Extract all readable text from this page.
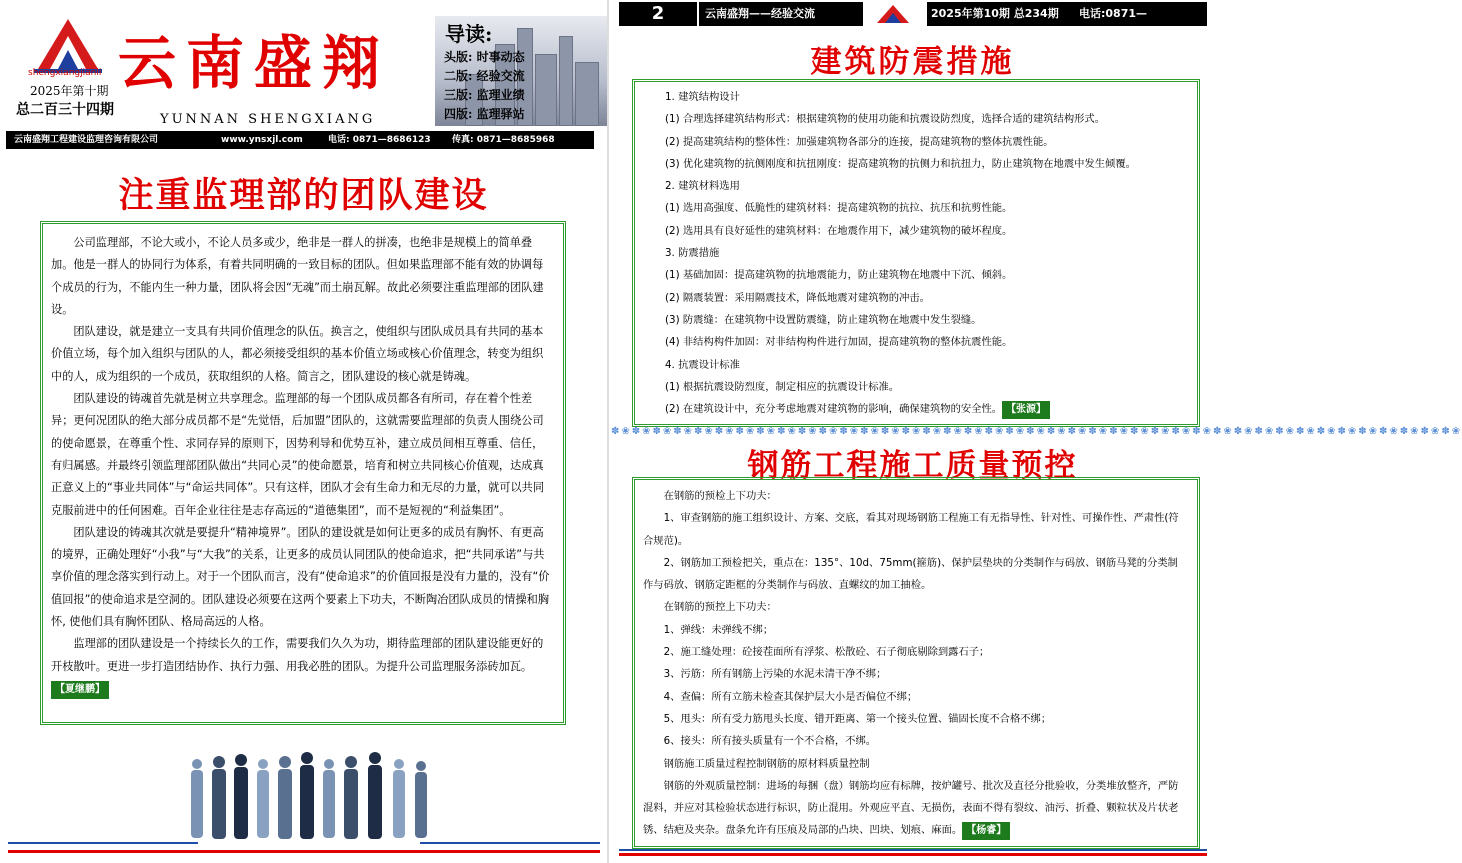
shengxiangjianli
2025年第十期
总二百三十四期
云南盛翔
YUNNAN SHENGXIANG
导读:
头版: 时事动态
二版: 经验交流
三版: 监理业绩
四版: 监理驿站
云南盛翔工程建设监理咨询有限公司	www.ynsxjl.com	电话: 0871—8686123 传真: 0871—8685968
注重监理部的团队建设

公司监理部，不论大或小，不论人员多或少，绝非是一群人的拼凑，也绝非是规模上的简单叠加。他是一群人的协同行为体系，有着共同明确的一致目标的团队。但如果监理部不能有效的协调每个成员的行为，不能内生一种力量，团队将会因“无魂”而土崩瓦解。故此必须要注重监理部的团队建设。

团队建设，就是建立一支具有共同价值理念的队伍。换言之，使组织与团队成员具有共同的基本价值立场，每个加入组织与团队的人，都必须接受组织的基本价值立场或核心价值理念，转变为组织中的人，成为组织的一个成员，获取组织的人格。简言之，团队建设的核心就是铸魂。

团队建设的铸魂首先就是树立共享理念。监理部的每一个团队成员都各有所司，存在着个性差异；更何况团队的绝大部分成员都不是“先觉悟，后加盟”团队的，这就需要监理部的负责人围绕公司的使命愿景，在尊重个性、求同存异的原则下，因势利导和优势互补，建立成员间相互尊重、信任，有归属感。并最终引领监理部团队做出“共同心灵”的使命愿景，培育和树立共同核心价值观，达成真正意义上的“事业共同体”与“命运共同体”。只有这样，团队才会有生命力和无尽的力量，就可以共同克服前进中的任何困难。百年企业往往是志存高远的“道德集团”，而不是短视的“利益集团”。

团队建设的铸魂其次就是要提升“精神境界”。团队的建设就是如何让更多的成员有胸怀、有更高的境界，正确处理好“小我”与“大我”的关系，让更多的成员认同团队的使命追求，把“共同承诺”与共享价值的理念落实到行动上。对于一个团队而言，没有“使命追求”的价值回报是没有力量的，没有“价值回报”的使命追求是空洞的。团队建设必须要在这两个要素上下功夫，不断陶冶团队成员的情操和胸怀, 使他们具有胸怀团队、格局高远的人格。

监理部的团队建设是一个持续长久的工作，需要我们久久为功，期待监理部的团队建设能更好的开枝散叶。更进一步打造团结协作、执行力强、用我必胜的团队。为提升公司监理服务添砖加瓦。【夏继鹏】

2	云南盛翔——经验交流	2025年第10期 总234期 电话:0871—68686123
建筑防震措施

1. 建筑结构设计

(1) 合理选择建筑结构形式：根据建筑物的使用功能和抗震设防烈度，选择合适的建筑结构形式。

(2) 提高建筑结构的整体性：加强建筑物各部分的连接，提高建筑物的整体抗震性能。

(3) 优化建筑物的抗侧刚度和抗扭刚度：提高建筑物的抗侧力和抗扭力，防止建筑物在地震中发生倾覆。

2. 建筑材料选用

(1) 选用高强度、低脆性的建筑材料：提高建筑物的抗拉、抗压和抗剪性能。

(2) 选用具有良好延性的建筑材料：在地震作用下，减少建筑物的破坏程度。

3. 防震措施

(1) 基础加固：提高建筑物的抗地震能力，防止建筑物在地震中下沉、倾斜。

(2) 隔震装置：采用隔震技术，降低地震对建筑物的冲击。

(3) 防震缝：在建筑物中设置防震缝，防止建筑物在地震中发生裂缝。

(4) 非结构构件加固：对非结构构件进行加固，提高建筑物的整体抗震性能。

4. 抗震设计标准

(1) 根据抗震设防烈度，制定相应的抗震设计标准。

(2) 在建筑设计中，充分考虑地震对建筑物的影响，确保建筑物的安全性。 【张源】

✽❀✽❀✽❀✽❀✽❀✽❀✽❀✽❀✽❀✽❀✽❀✽❀✽❀✽❀✽❀✽❀✽❀✽❀✽❀✽❀✽❀✽❀✽❀✽❀✽❀✽❀✽❀✽❀✽❀✽❀✽❀✽❀✽❀✽❀✽❀✽❀✽❀✽❀✽❀✽❀✽❀
钢筋工程施工质量预控

在钢筋的预检上下功夫：

1、审查钢筋的施工组织设计、方案、交底，看其对现场钢筋工程施工有无指导性、针对性、可操作性、严肃性(符合规范)。

2、钢筋加工预检把关，重点在：135°、10d、75mm(箍筋)、保护层垫块的分类制作与码放、钢筋马凳的分类制作与码放、钢筋定距框的分类制作与码放、直螺纹的加工抽检。

在钢筋的预控上下功夫：

1、弹线：未弹线不绑；

2、施工缝处理：砼接茬面所有浮浆、松散砼、石子彻底剔除到露石子；

3、污筋：所有钢筋上污染的水泥未清干净不绑；

4、查偏：所有立筋未检查其保护层大小是否偏位不绑；

5、甩头：所有受力筋甩头长度、错开距离、第一个接头位置、锚固长度不合格不绑；

6、接头：所有接头质量有一个不合格，不绑。

钢筋施工质量过程控制钢筋的原材料质量控制

钢筋的外观质量控制：进场的每捆（盘）钢筋均应有标牌，按炉罐号、批次及直径分批验收，分类堆放整齐，严防混料，并应对其检验状态进行标识，防止混用。外观应平直、无损伤，表面不得有裂纹、油污、折叠、颗粒状及片状老锈、结疤及夹杂。盘条允许有压痕及局部的凸块、凹块、划痕、麻面。 【杨睿】
